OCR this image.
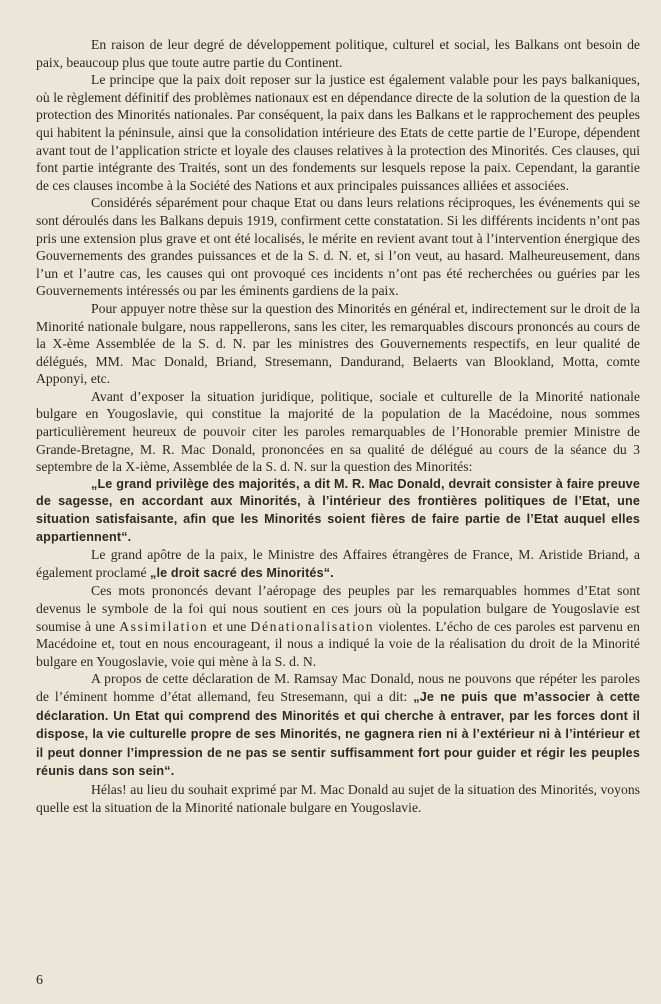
En raison de leur degré de développement politique, culturel et social, les Balkans ont besoin de paix, beaucoup plus que toute autre partie du Continent.

Le principe que la paix doit reposer sur la justice est également valable pour les pays balkaniques, où le règlement définitif des problèmes nationaux est en dépendance directe de la solution de la question de la protection des Minorités nationales. Par conséquent, la paix dans les Balkans et le rapprochement des peuples qui habitent la péninsule, ainsi que la consolidation intérieure des Etats de cette partie de l’Europe, dépendent avant tout de l’application stricte et loyale des clauses relatives à la protection des Minorités. Ces clauses, qui font partie intégrante des Traités, sont un des fondements sur lesquels repose la paix. Cependant, la garantie de ces clauses incombe à la Société des Nations et aux principales puissances alliées et associées.

Considérés séparément pour chaque Etat ou dans leurs relations réciproques, les événements qui se sont déroulés dans les Balkans depuis 1919, confirment cette constatation. Si les différents incidents n’ont pas pris une extension plus grave et ont été localisés, le mérite en revient avant tout à l’intervention énergique des Gouvernements des grandes puissances et de la S. d. N. et, si l’on veut, au hasard. Malheureusement, dans l’un et l’autre cas, les causes qui ont provoqué ces incidents n’ont pas été recherchées ou guéries par les Gouvernements intéressés ou par les éminents gardiens de la paix.

Pour appuyer notre thèse sur la question des Minorités en général et, indirectement sur le droit de la Minorité nationale bulgare, nous rappellerons, sans les citer, les remarquables discours prononcés au cours de la X-ème Assemblée de la S. d. N. par les ministres des Gouvernements respectifs, en leur qualité de délégués, MM. Mac Donald, Briand, Stresemann, Dandurand, Belaerts van Blookland, Motta, comte Apponyi, etc.

Avant d’exposer la situation juridique, politique, sociale et culturelle de la Minorité nationale bulgare en Yougoslavie, qui constitue la majorité de la population de la Macédoine, nous sommes particulièrement heureux de pouvoir citer les paroles remarquables de l’Honorable premier Ministre de Grande-Bretagne, M. R. Mac Donald, prononcées en sa qualité de délégué au cours de la séance du 3 septembre de la X-ième, Assemblée de la S. d. N. sur la question des Minorités:

„Le grand privilège des majorités, a dit M. R. Mac Donald, devrait consister à faire preuve de sagesse, en accordant aux Minorités, à l’intérieur des frontières politiques de l’Etat, une situation satisfaisante, afin que les Minorités soient fières de faire partie de l’Etat auquel elles appartiennent“.

Le grand apôtre de la paix, le Ministre des Affaires étrangères de France, M. Aristide Briand, a également proclamé „le droit sacré des Minorités“.

Ces mots prononcés devant l’aéropage des peuples par les remarquables hommes d’Etat sont devenus le symbole de la foi qui nous soutient en ces jours où la population bulgare de Yougoslavie est soumise à une Assimilation et une Dénationalisation violentes. L’écho de ces paroles est parvenu en Macédoine et, tout en nous encourageant, il nous a indiqué la voie de la réalisation du droit de la Minorité bulgare en Yougoslavie, voie qui mène à la S. d. N.

A propos de cette déclaration de M. Ramsay Mac Donald, nous ne pouvons que répéter les paroles de l’éminent homme d’état allemand, feu Stresemann, qui a dit: „Je ne puis que m’associer à cette déclaration. Un Etat qui comprend des Minorités et qui cherche à entraver, par les forces dont il dispose, la vie culturelle propre de ses Minorités, ne gagnera rien ni à l’extérieur ni à l’intérieur et il peut donner l’impression de ne pas se sentir suffisamment fort pour guider et régir les peuples réunis dans son sein“.

Hélas! au lieu du souhait exprimé par M. Mac Donald au sujet de la situation des Minorités, voyons quelle est la situation de la Minorité nationale bulgare en Yougoslavie.

6
